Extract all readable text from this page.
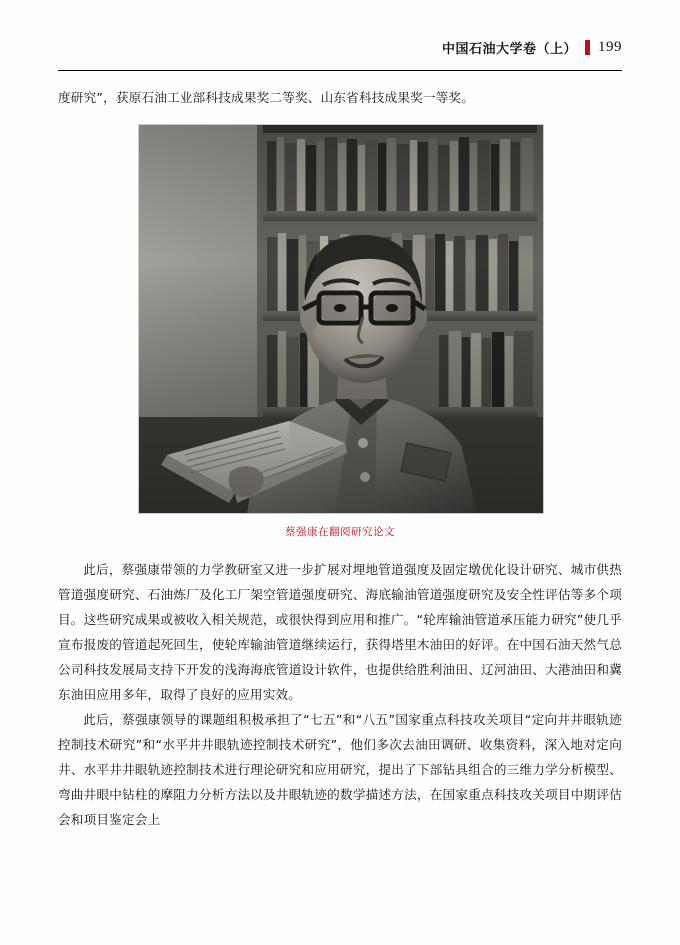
中国石油大学卷（上） 199

度研究”，获原石油工业部科技成果奖二等奖、山东省科技成果奖一等奖。

蔡强康在翻阅研究论文

此后，蔡强康带领的力学教研室又进一步扩展对埋地管道强度及固定墩优化设计研究、城市供热管道强度研究、石油炼厂及化工厂架空管道强度研究、海底输油管道强度研究及安全性评估等多个项目。这些研究成果或被收入相关规范，或很快得到应用和推广。“轮库输油管道承压能力研究”使几乎宣布报废的管道起死回生，使轮库输油管道继续运行，获得塔里木油田的好评。在中国石油天然气总公司科技发展局支持下开发的浅海海底管道设计软件，也提供给胜利油田、辽河油田、大港油田和冀东油田应用多年，取得了良好的应用实效。

此后，蔡强康领导的课题组积极承担了“七五”和“八五”国家重点科技攻关项目“定向井井眼轨迹控制技术研究”和“水平井井眼轨迹控制技术研究”，他们多次去油田调研、收集资料，深入地对定向井、水平井井眼轨迹控制技术进行理论研究和应用研究，提出了下部钻具组合的三维力学分析模型、弯曲井眼中钻柱的摩阻力分析方法以及井眼轨迹的数学描述方法，在国家重点科技攻关项目中期评估会和项目鉴定会上
